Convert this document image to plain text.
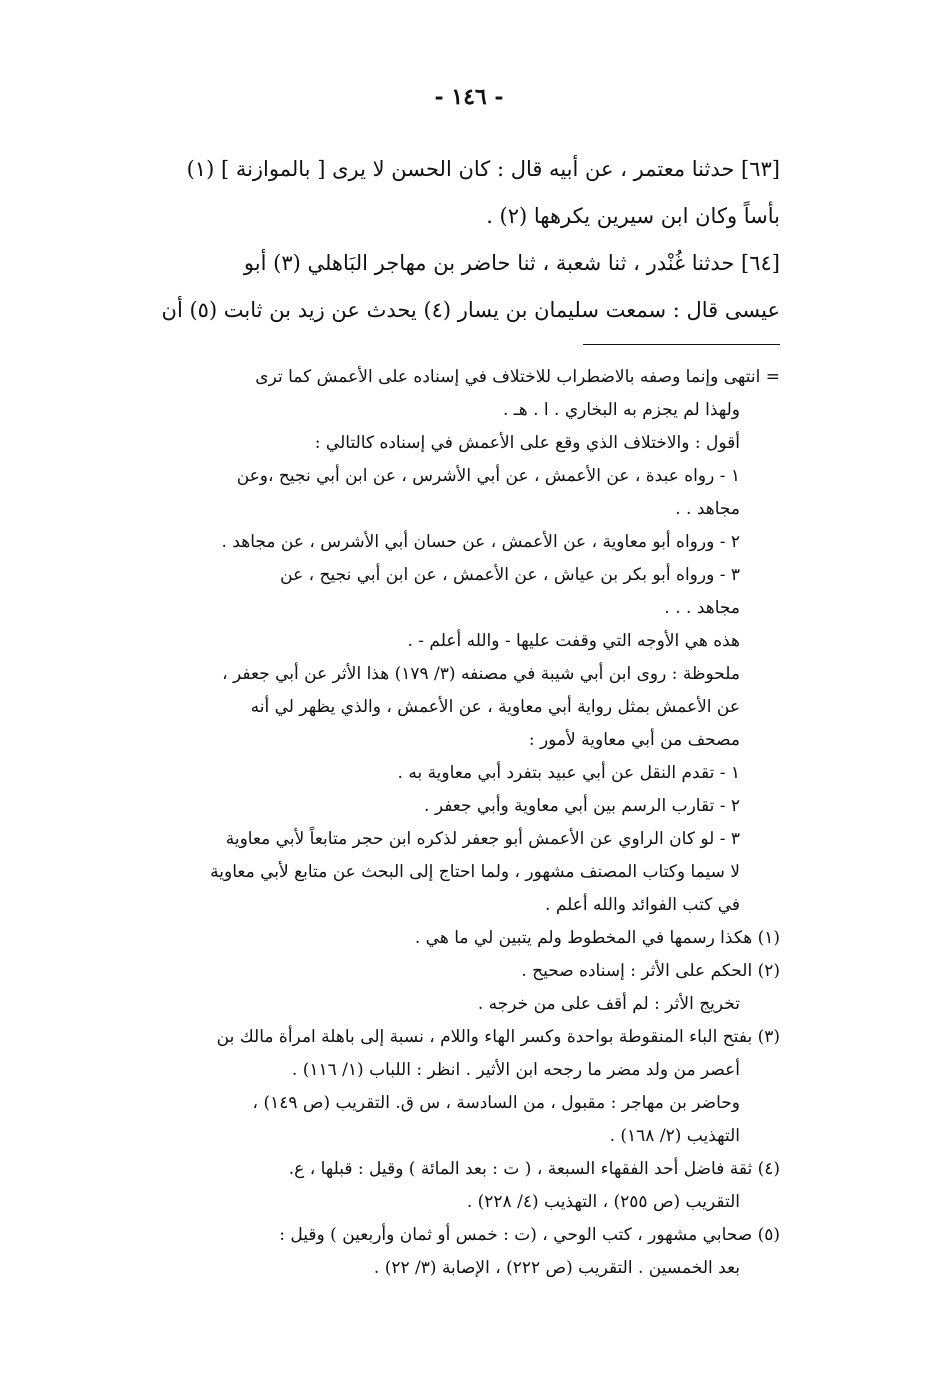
- ١٤٦ -
[٦٣] حدثنا معتمر ، عن أبيه قال : كان الحسن لا يرى [ بالموازنة ] (١)
بأساً وكان ابن سيرين يكرهها (٢) .
[٦٤] حدثنا غُنْدر ، ثنا شعبة ، ثنا حاضر بن مهاجر البَاهلي (٣) أبو
عيسى قال : سمعت سليمان بن يسار (٤) يحدث عن زيد بن ثابت (٥) أن
= انتهى وإنما وصفه بالاضطراب للاختلاف في إسناده على الأعمش كما ترى
ولهذا لم يجزم به البخاري . ا . هـ .
أقول : والاختلاف الذي وقع على الأعمش في إسناده كالتالي :
١ - رواه عبدة ، عن الأعمش ، عن أبي الأشرس ، عن ابن أبي نجيح ،وعن
مجاهد . .
٢ - ورواه أبو معاوية ، عن الأعمش ، عن حسان أبي الأشرس ، عن مجاهد .
٣ - ورواه أبو بكر بن عياش ، عن الأعمش ، عن ابن أبي نجيح ، عن
مجاهد . . .
هذه هي الأوجه التي وقفت عليها - والله أعلم - .
ملحوظة : روى ابن أبي شيبة في مصنفه (٣/ ١٧٩) هذا الأثر عن أبي جعفر ،
عن الأعمش بمثل رواية أبي معاوية ، عن الأعمش ، والذي يظهر لي أنه
مصحف من أبي معاوية لأمور :
١ - تقدم النقل عن أبي عبيد بتفرد أبي معاوية به .
٢ - تقارب الرسم بين أبي معاوية وأبي جعفر .
٣ - لو كان الراوي عن الأعمش أبو جعفر لذكره ابن حجر متابعاً لأبي معاوية
لا سيما وكتاب المصنف مشهور ، ولما احتاج إلى البحث عن متابع لأبي معاوية
في كتب الفوائد والله أعلم .
(١) هكذا رسمها في المخطوط ولم يتبين لي ما هي .
(٢) الحكم على الأثر : إسناده صحيح .
تخريج الأثر : لم أقف على من خرجه .
(٣) بفتح الباء المنقوطة بواحدة وكسر الهاء واللام ، نسبة إلى باهلة امرأة مالك بن
أعصر من ولد مضر ما رجحه ابن الأثير . انظر : اللباب (١/ ١١٦) .
وحاضر بن مهاجر : مقبول ، من السادسة ، س ق. التقريب (ص ١٤٩) ،
التهذيب (٢/ ١٦٨) .
(٤) ثقة فاضل أحد الفقهاء السبعة ، ( ت : بعد المائة ) وقيل : قبلها ، ع.
التقريب (ص ٢٥٥) ، التهذيب (٤/ ٢٢٨) .
(٥) صحابي مشهور ، كتب الوحي ، (ت : خمس أو ثمان وأربعين ) وقيل :
بعد الخمسين . التقريب (ص ٢٢٢) ، الإصابة (٣/ ٢٢) .
